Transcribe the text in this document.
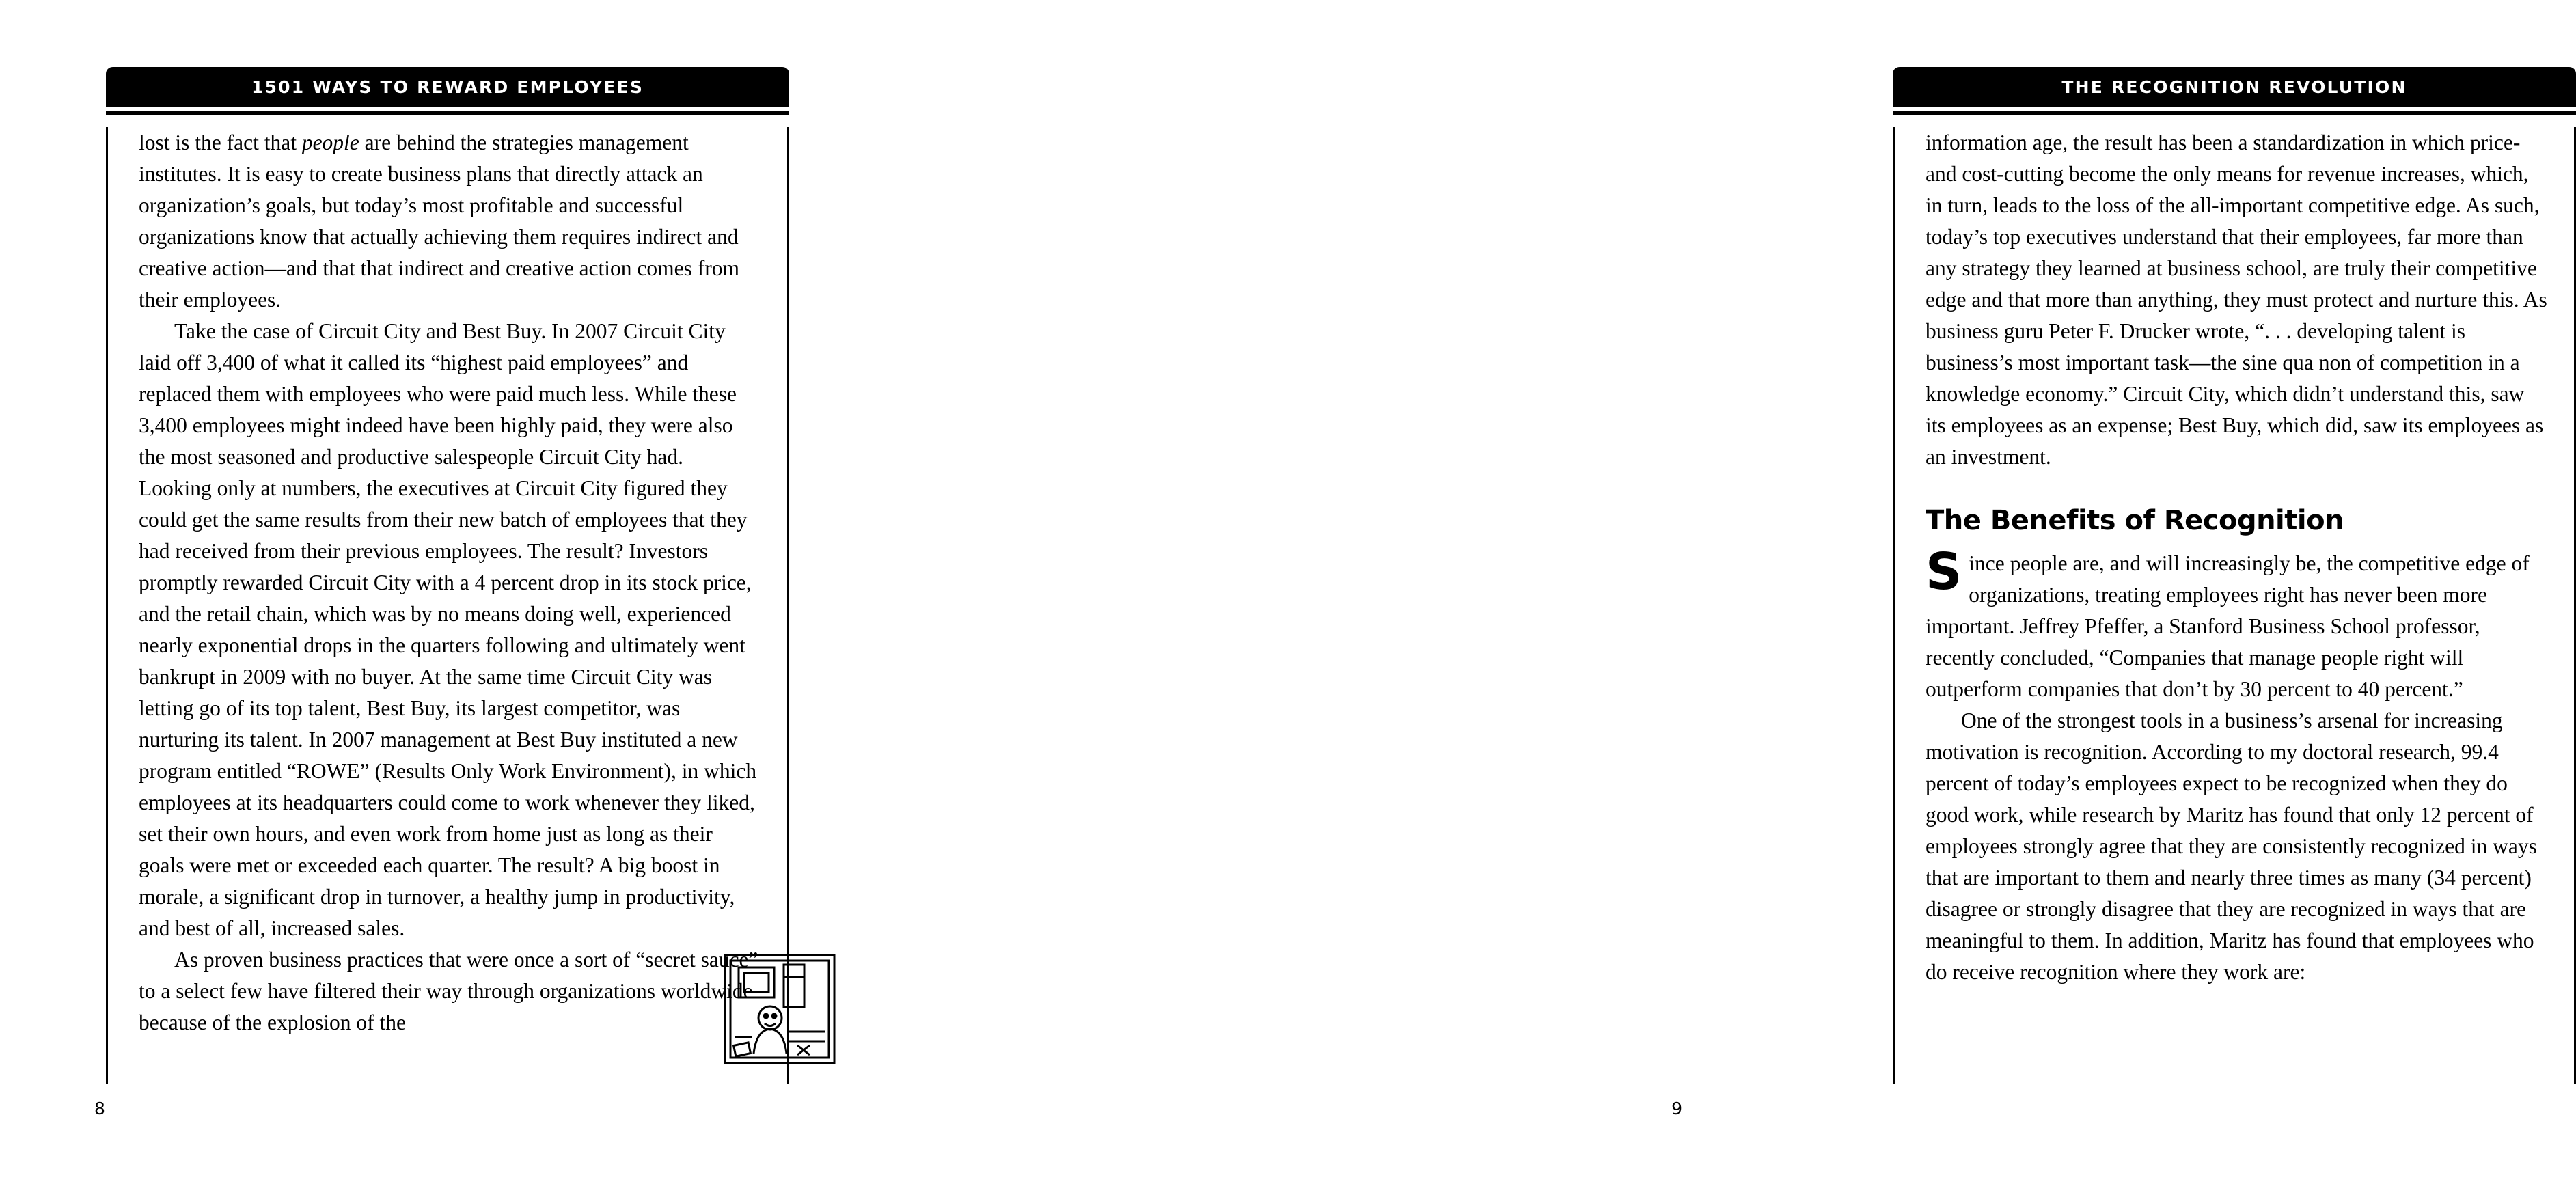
1501 WAYS TO REWARD EMPLOYEES

lost is the fact that people are behind the strategies management institutes. It is easy to create business plans that directly attack an organization’s goals, but today’s most profitable and successful organizations know that actually achieving them requires indirect and creative action—and that that indirect and creative action comes from their employees.

Take the case of Circuit City and Best Buy. In 2007 Circuit City laid off 3,400 of what it called its “highest paid employees” and replaced them with employees who were paid much less. While these 3,400 employees might indeed have been highly paid, they were also the most seasoned and productive salespeople Circuit City had. Looking only at numbers, the executives at Circuit City figured they could get the same results from their new batch of employees that they had received from their previous employees. The result? Investors promptly rewarded Circuit City with a 4 percent drop in its stock price, and the retail chain, which was by no means doing well, experienced nearly exponential drops in the quarters following and ultimately went bankrupt in 2009 with no buyer. At the same time Circuit City was letting go of its top talent, Best Buy, its largest competitor, was nurturing its talent. In 2007 management at Best Buy instituted a new program entitled “ROWE” (Results Only Work Environment), in which employees at its headquarters could come to work whenever they liked, set their own hours, and even work from home just as long as their goals were met or exceeded each quarter. The result? A big boost in morale, a significant drop in turnover, a healthy jump in productivity, and best of all, increased sales.

As proven business practices that were once a sort of “secret sauce” to a select few have filtered their way through organizations worldwide because of the explosion of the

8
THE RECOGNITION REVOLUTION

information age, the result has been a standardization in which price- and cost-cutting become the only means for revenue increases, which, in turn, leads to the loss of the all-important competitive edge. As such, today’s top executives understand that their employees, far more than any strategy they learned at business school, are truly their competitive edge and that more than anything, they must protect and nurture this. As business guru Peter F. Drucker wrote, “. . . developing talent is business’s most important task—the sine qua non of competition in a knowledge economy.” Circuit City, which didn’t understand this, saw its employees as an expense; Best Buy, which did, saw its employees as an investment.

The Benefits of Recognition

Since people are, and will increasingly be, the competitive edge of organizations, treating employees right has never been more important. Jeffrey Pfeffer, a Stanford Business School professor, recently concluded, “Companies that manage people right will outperform companies that don’t by 30 percent to 40 percent.”

One of the strongest tools in a business’s arsenal for increasing motivation is recognition. According to my doctoral research, 99.4 percent of today’s employees expect to be recognized when they do good work, while research by Maritz has found that only 12 percent of employees strongly agree that they are consistently recognized in ways that are important to them and nearly three times as many (34 percent) disagree or strongly disagree that they are recognized in ways that are meaningful to them. In addition, Maritz has found that employees who do receive recognition where they work are:

9
